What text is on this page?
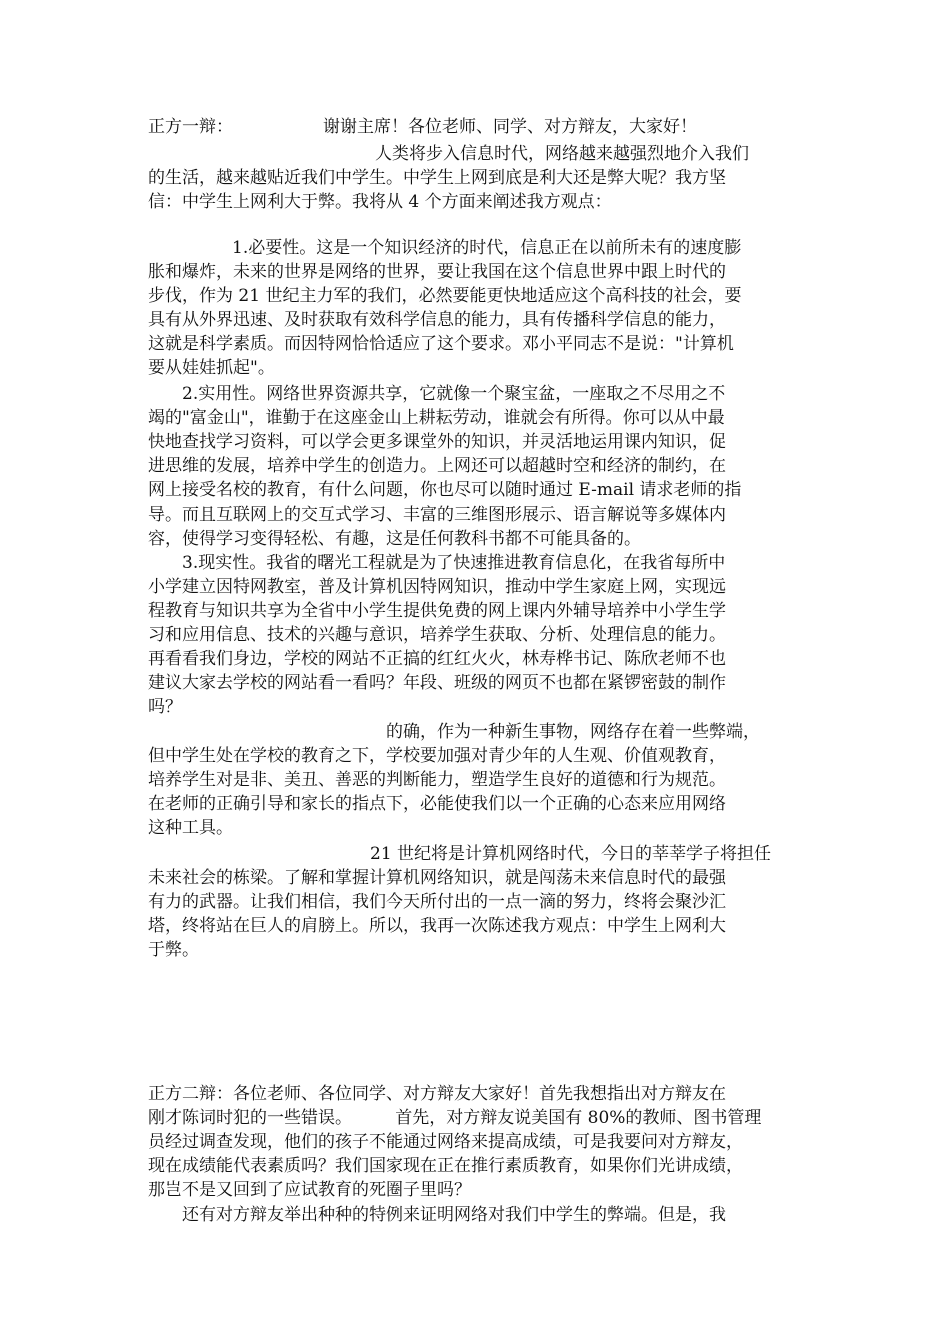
正方一辩：	谢谢主席！各位老师、同学、对方辩友，大家好！
人类将步入信息时代，网络越来越强烈地介入我们
的生活，越来越贴近我们中学生。中学生上网到底是利大还是弊大呢？我方坚
信：中学生上网利大于弊。我将从 4 个方面来阐述我方观点：
1.必要性。这是一个知识经济的时代，信息正在以前所未有的速度膨
胀和爆炸，未来的世界是网络的世界，要让我国在这个信息世界中跟上时代的
步伐，作为 21 世纪主力军的我们，必然要能更快地适应这个高科技的社会，要
具有从外界迅速、及时获取有效科学信息的能力，具有传播科学信息的能力，
这就是科学素质。而因特网恰恰适应了这个要求。邓小平同志不是说："计算机
要从娃娃抓起"。
2.实用性。网络世界资源共享，它就像一个聚宝盆，一座取之不尽用之不
竭的"富金山"，谁勤于在这座金山上耕耘劳动，谁就会有所得。你可以从中最
快地查找学习资料，可以学会更多课堂外的知识，并灵活地运用课内知识，促
进思维的发展，培养中学生的创造力。上网还可以超越时空和经济的制约，在
网上接受名校的教育，有什么问题，你也尽可以随时通过 E-mail 请求老师的指
导。而且互联网上的交互式学习、丰富的三维图形展示、语言解说等多媒体内
容，使得学习变得轻松、有趣，这是任何教科书都不可能具备的。
3.现实性。我省的曙光工程就是为了快速推进教育信息化，在我省每所中
小学建立因特网教室，普及计算机因特网知识，推动中学生家庭上网，实现远
程教育与知识共享为全省中小学生提供免费的网上课内外辅导培养中小学生学
习和应用信息、技术的兴趣与意识，培养学生获取、分析、处理信息的能力。
再看看我们身边，学校的网站不正搞的红红火火，林寿桦书记、陈欣老师不也
建议大家去学校的网站看一看吗？年段、班级的网页不也都在紧锣密鼓的制作
吗？
的确，作为一种新生事物，网络存在着一些弊端，
但中学生处在学校的教育之下，学校要加强对青少年的人生观、价值观教育，
培养学生对是非、美丑、善恶的判断能力，塑造学生良好的道德和行为规范。
在老师的正确引导和家长的指点下，必能使我们以一个正确的心态来应用网络
这种工具。
21 世纪将是计算机网络时代，今日的莘莘学子将担任
未来社会的栋梁。了解和掌握计算机网络知识，就是闯荡未来信息时代的最强
有力的武器。让我们相信，我们今天所付出的一点一滴的努力，终将会聚沙汇
塔，终将站在巨人的肩膀上。所以，我再一次陈述我方观点：中学生上网利大
于弊。
正方二辩：各位老师、各位同学、对方辩友大家好！首先我想指出对方辩友在
刚才陈词时犯的一些错误。        首先，对方辩友说美国有 80%的教师、图书管理
员经过调查发现，他们的孩子不能通过网络来提高成绩，可是我要问对方辩友，
现在成绩能代表素质吗？我们国家现在正在推行素质教育，如果你们光讲成绩，
那岂不是又回到了应试教育的死圈子里吗？
还有对方辩友举出种种的特例来证明网络对我们中学生的弊端。但是，我
